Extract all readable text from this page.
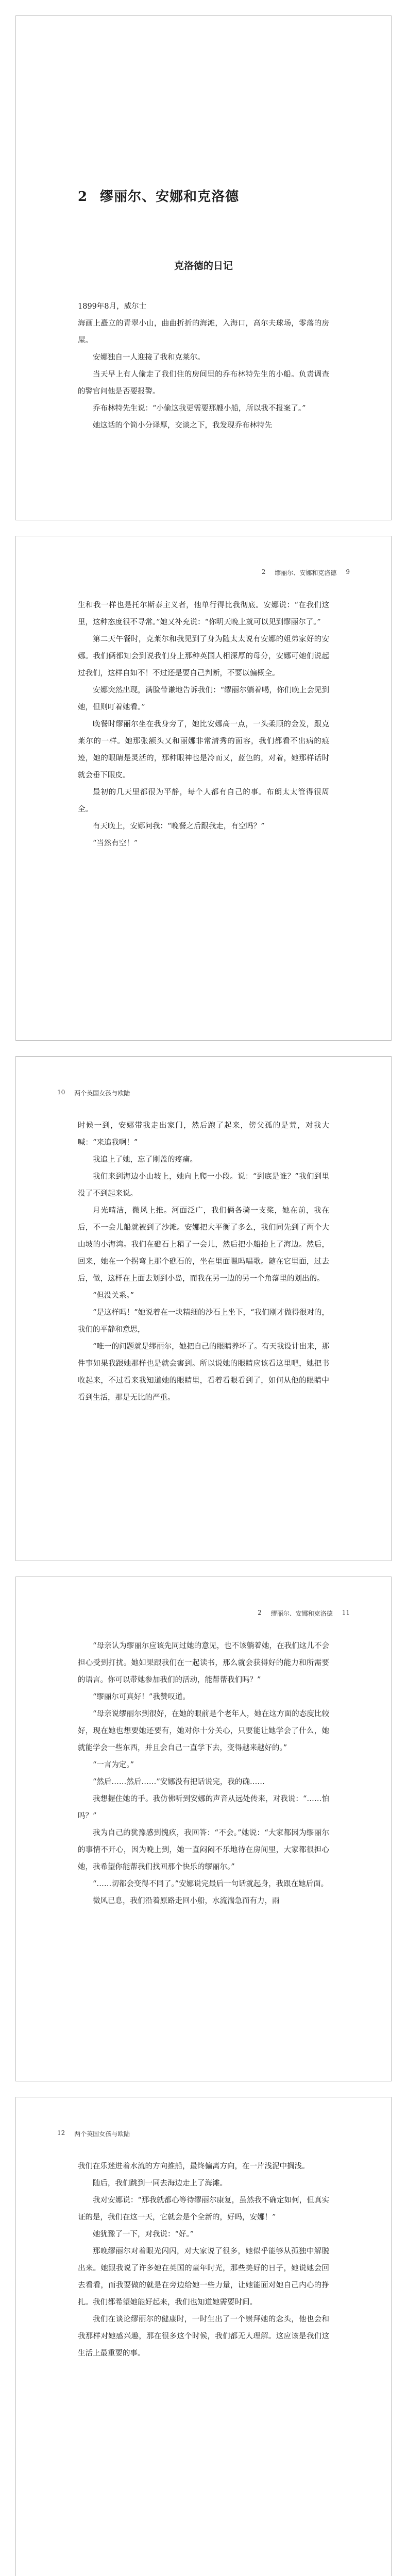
2 缪丽尔、安娜和克洛德
克洛德的日记

1899年8月，威尔士

海画上矗立的青翠小山，曲曲折折的海滩，入海口，高尔夫球场，零落的房屋。

安娜独自一人迎接了我和克莱尔。

当天早上有人偷走了我们住的房间里的乔布林特先生的小船。负责调查的警官问他是否要报警。

乔布林特先生说：“小偷这我更需要那艘小船，所以我不报案了。”

她这话的个简小分译厚，交谈之下，我发现乔布林特先

2 缪丽尔、安娜和克洛德 9

生和我一样也是托尔斯泰主义者，他单行得比我彻底。安娜说：“在我们这里，这种态度很不寻常。”她又补充说：“你明天晚上就可以见到缪丽尔了。”

第二天午餐时，克莱尔和我见到了身为随太太说有安娜的姐弟家好的安娜。我们俩都知会到说我们身上那种英国人相深厚的母分，安娜可她们说起过我们，这样自如不！不过还是要自己判断，不要以偏概全。

安娜突然出现，满脸带谦地告诉我们：“缪丽尔躺着喝，你们晚上会见到她，但则叮着她看。”

晚餐时缪丽尔坐在我身旁了，她比安娜高一点，一头柔顺的金发，跟克莱尔的一样。她那张额头又和丽娜非常清秀的面容，我们都看不出病的痕迹，她的眼睛是灵活的，那种眼神也是冷而又，蓝色的，对着，她那样话时就会垂下眼皮。

最初的几天里都很为平静，每个人都有自己的事。布朗太太管得很周全。

有天晚上，安娜问我：“晚餐之后跟我走，有空吗？”

“当然有空！”

10 两个英国女孩与欧陆

时候一到，安娜带我走出家门，然后跑了起来，傍父孤的是荒，对我大喊：“来追我啊！”

我追上了她，忘了刚盖的疼痛。

我们来到海边小山坡上，她向上爬一小段。说：“到底是谁？”我们到里没了不到起来说。

月光晴洁，微风上推。河面泛广，我们俩各骑一支桨，她在前，我在后，不一会儿船就被到了沙滩。安娜把大平衡了多么，我们同先到了两个大山坡的小海湾。我们在礁石上稍了一会儿，然后把小船抬上了海边。然后，回来，她在一个拐弯上那个礁石的，坐在里面嗯吗唱歌。随在它里面，过去后，做，这样在上面去划到小岛，而我在另一边的另一个角落里的划出的。

“但没关系。”

“是这样吗！”她说着在一块精细的沙石上坐下，“我们刚才做得很对的，我们的平静和意思，

“唯一的问题就是缪丽尔，她把自己的眼睛养坏了。有天我设计出来，那件事如果我跟她那样也是就会害到。所以说她的眼睛应该看这里吧，她把书收起来，不过看来我知道她的眼睛里，看着看眼看到了，如何从他的眼睛中看到生活，那是无比的严重。

2 缪丽尔、安娜和克洛德 11

“母亲认为缪丽尔应该先同过她的意见，也不该躺着她，在我们这儿不会担心受到打扰。她如果跟我们在一起读书，那么就会获得好的能力和所需要的语言。你可以带她参加我们的活动，能帮帮我们吗？”

“缪丽尔可真好！”我赞叹道。

“母亲说缪丽尔到很好，在她的眼前是个老年人，她在这方面的态度比较好，现在她也想要她还要有，她对你十分关心，只要能让她学会了什么，她就能学会一些东西，并且会自己一直学下去，变得越来越好的。”

“一言为定。”

“然后……然后……”安娜没有把话说完，我的确……

我想握住她的手。我仿佛听到安娜的声音从远处传来，对我说：“……怕吗？”

我为自己的犹豫感到愧疚，我回答：“不会。”她说：“大家都因为缪丽尔的事情不开心，因为晚上到，她一直闷闷不乐地待在房间里，大家都很担心她，我希望你能帮我们找回那个快乐的缪丽尔。”

“……切都会变得不同了。”安娜说完最后一句话就起身，我跟在她后面。

微风已息，我们沿着原路走回小船，水流湍急而有力，雨

12 两个英国女孩与欧陆

我们在乐迷进着水流的方向推船，最终偏离方向，在一片浅泥中搁浅。

随后，我们跳到一同去海边走上了海滩。

我对安娜说：“那我就都心等待缪丽尔康复，虽然我不确定如何，但真实证的是，我们在这一天，它就会是个全新的，好吗，安娜！”

她犹豫了一下，对我说：“好。”

那晚缪丽尔对着眼光闪闪，对大家说了很多，她似乎能够从孤独中解脱出来。她跟我说了许多她在英国的童年时光，那些美好的日子，她说她会回去看看，而我要做的就是在旁边给她一些力量，让她能面对她自己内心的挣扎。我们都希望她能好起来，我们也知道她需要时间。

我们在谈论缪丽尔的健康时，一时生出了一个崇拜她的念头，他也会和我那样对她感兴趣，那在很多这个时候，我们都无人理解。这应该是我们这生活上最重要的事。
